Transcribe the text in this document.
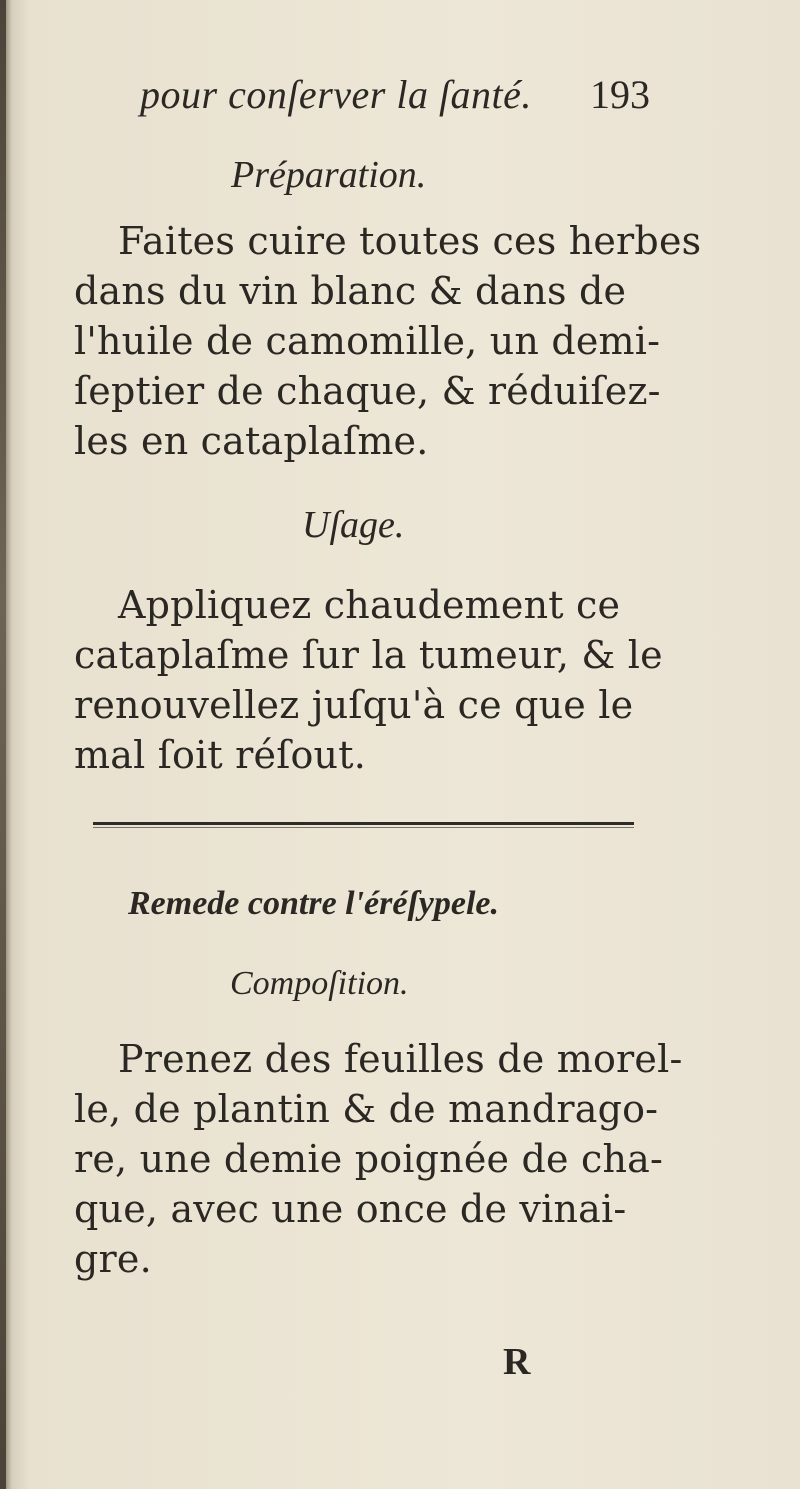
pour conſerver la ſanté. 193
Préparation.
Faites cuire toutes ces herbes
dans du vin blanc & dans de
l'huile de camomille, un demi-
ſeptier de chaque, & réduiſez-
les en cataplaſme.
Uſage.
Appliquez chaudement ce
cataplaſme ſur la tumeur, & le
renouvellez juſqu'à ce que le
mal ſoit réſout.
Remede contre l'éréſypele.
Compoſition.
Prenez des feuilles de morel-
le, de plantin & de mandrago-
re, une demie poignée de cha-
que, avec une once de vinai-
gre.
R
